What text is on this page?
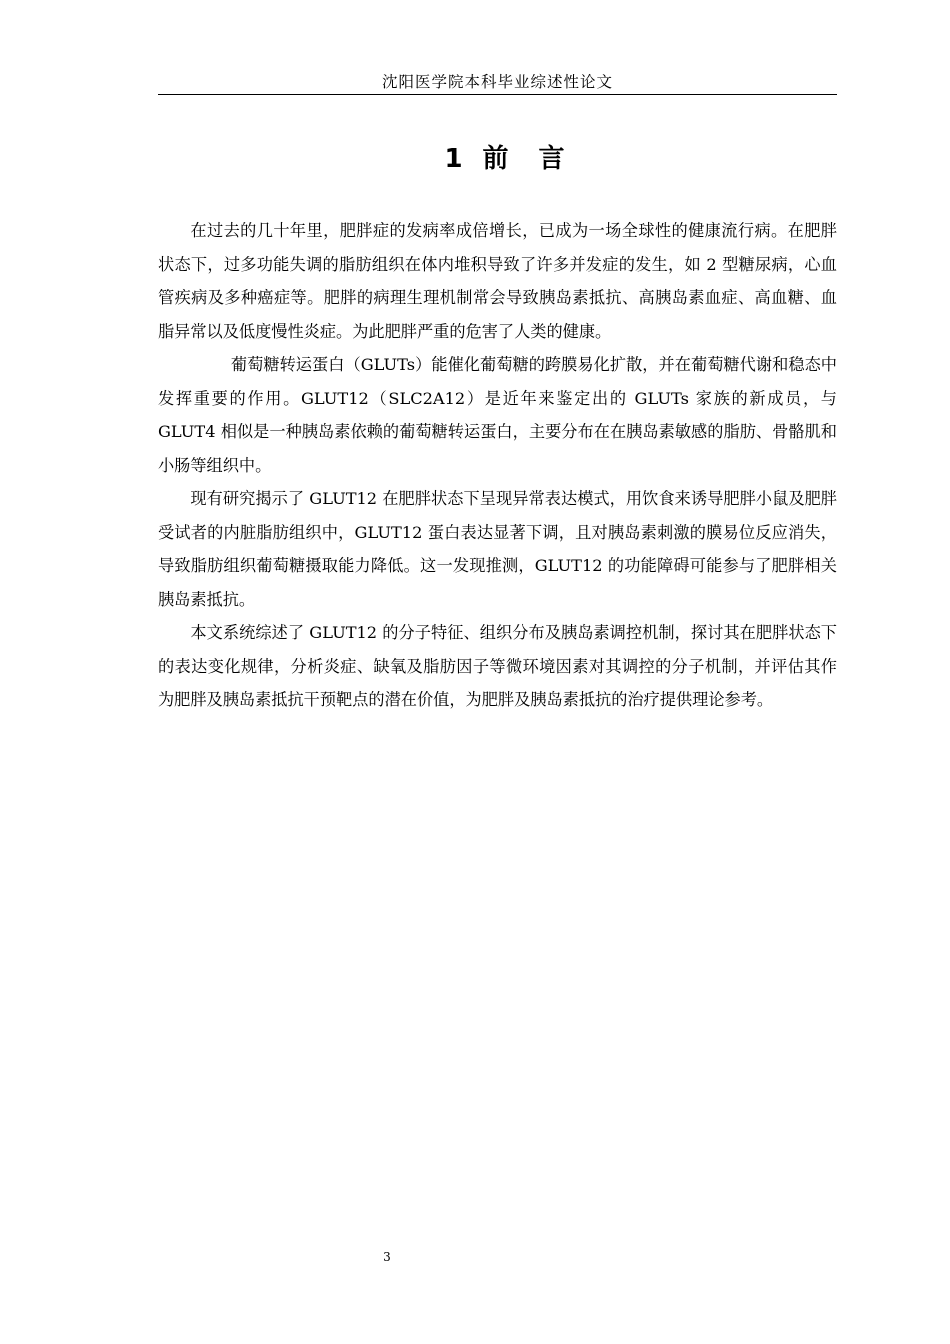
沈阳医学院本科毕业综述性论文
1 前 言

在过去的几十年里，肥胖症的发病率成倍增长，已成为一场全球性的健康流行病。在肥胖状态下，过多功能失调的脂肪组织在体内堆积导致了许多并发症的发生，如 2 型糖尿病，心血管疾病及多种癌症等。肥胖的病理生理机制常会导致胰岛素抵抗、高胰岛素血症、高血糖、血脂异常以及低度慢性炎症。为此肥胖严重的危害了人类的健康。

葡萄糖转运蛋白（GLUTs）能催化葡萄糖的跨膜易化扩散，并在葡萄糖代谢和稳态中发挥重要的作用。GLUT12（SLC2A12）是近年来鉴定出的 GLUTs 家族的新成员，与 GLUT4 相似是一种胰岛素依赖的葡萄糖转运蛋白，主要分布在在胰岛素敏感的脂肪、骨骼肌和小肠等组织中。

现有研究揭示了 GLUT12 在肥胖状态下呈现异常表达模式，用饮食来诱导肥胖小鼠及肥胖受试者的内脏脂肪组织中，GLUT12 蛋白表达显著下调，且对胰岛素刺激的膜易位反应消失，导致脂肪组织葡萄糖摄取能力降低。这一发现推测，GLUT12 的功能障碍可能参与了肥胖相关胰岛素抵抗。

本文系统综述了 GLUT12 的分子特征、组织分布及胰岛素调控机制，探讨其在肥胖状态下的表达变化规律，分析炎症、缺氧及脂肪因子等微环境因素对其调控的分子机制，并评估其作为肥胖及胰岛素抵抗干预靶点的潜在价值，为肥胖及胰岛素抵抗的治疗提供理论参考。

3
